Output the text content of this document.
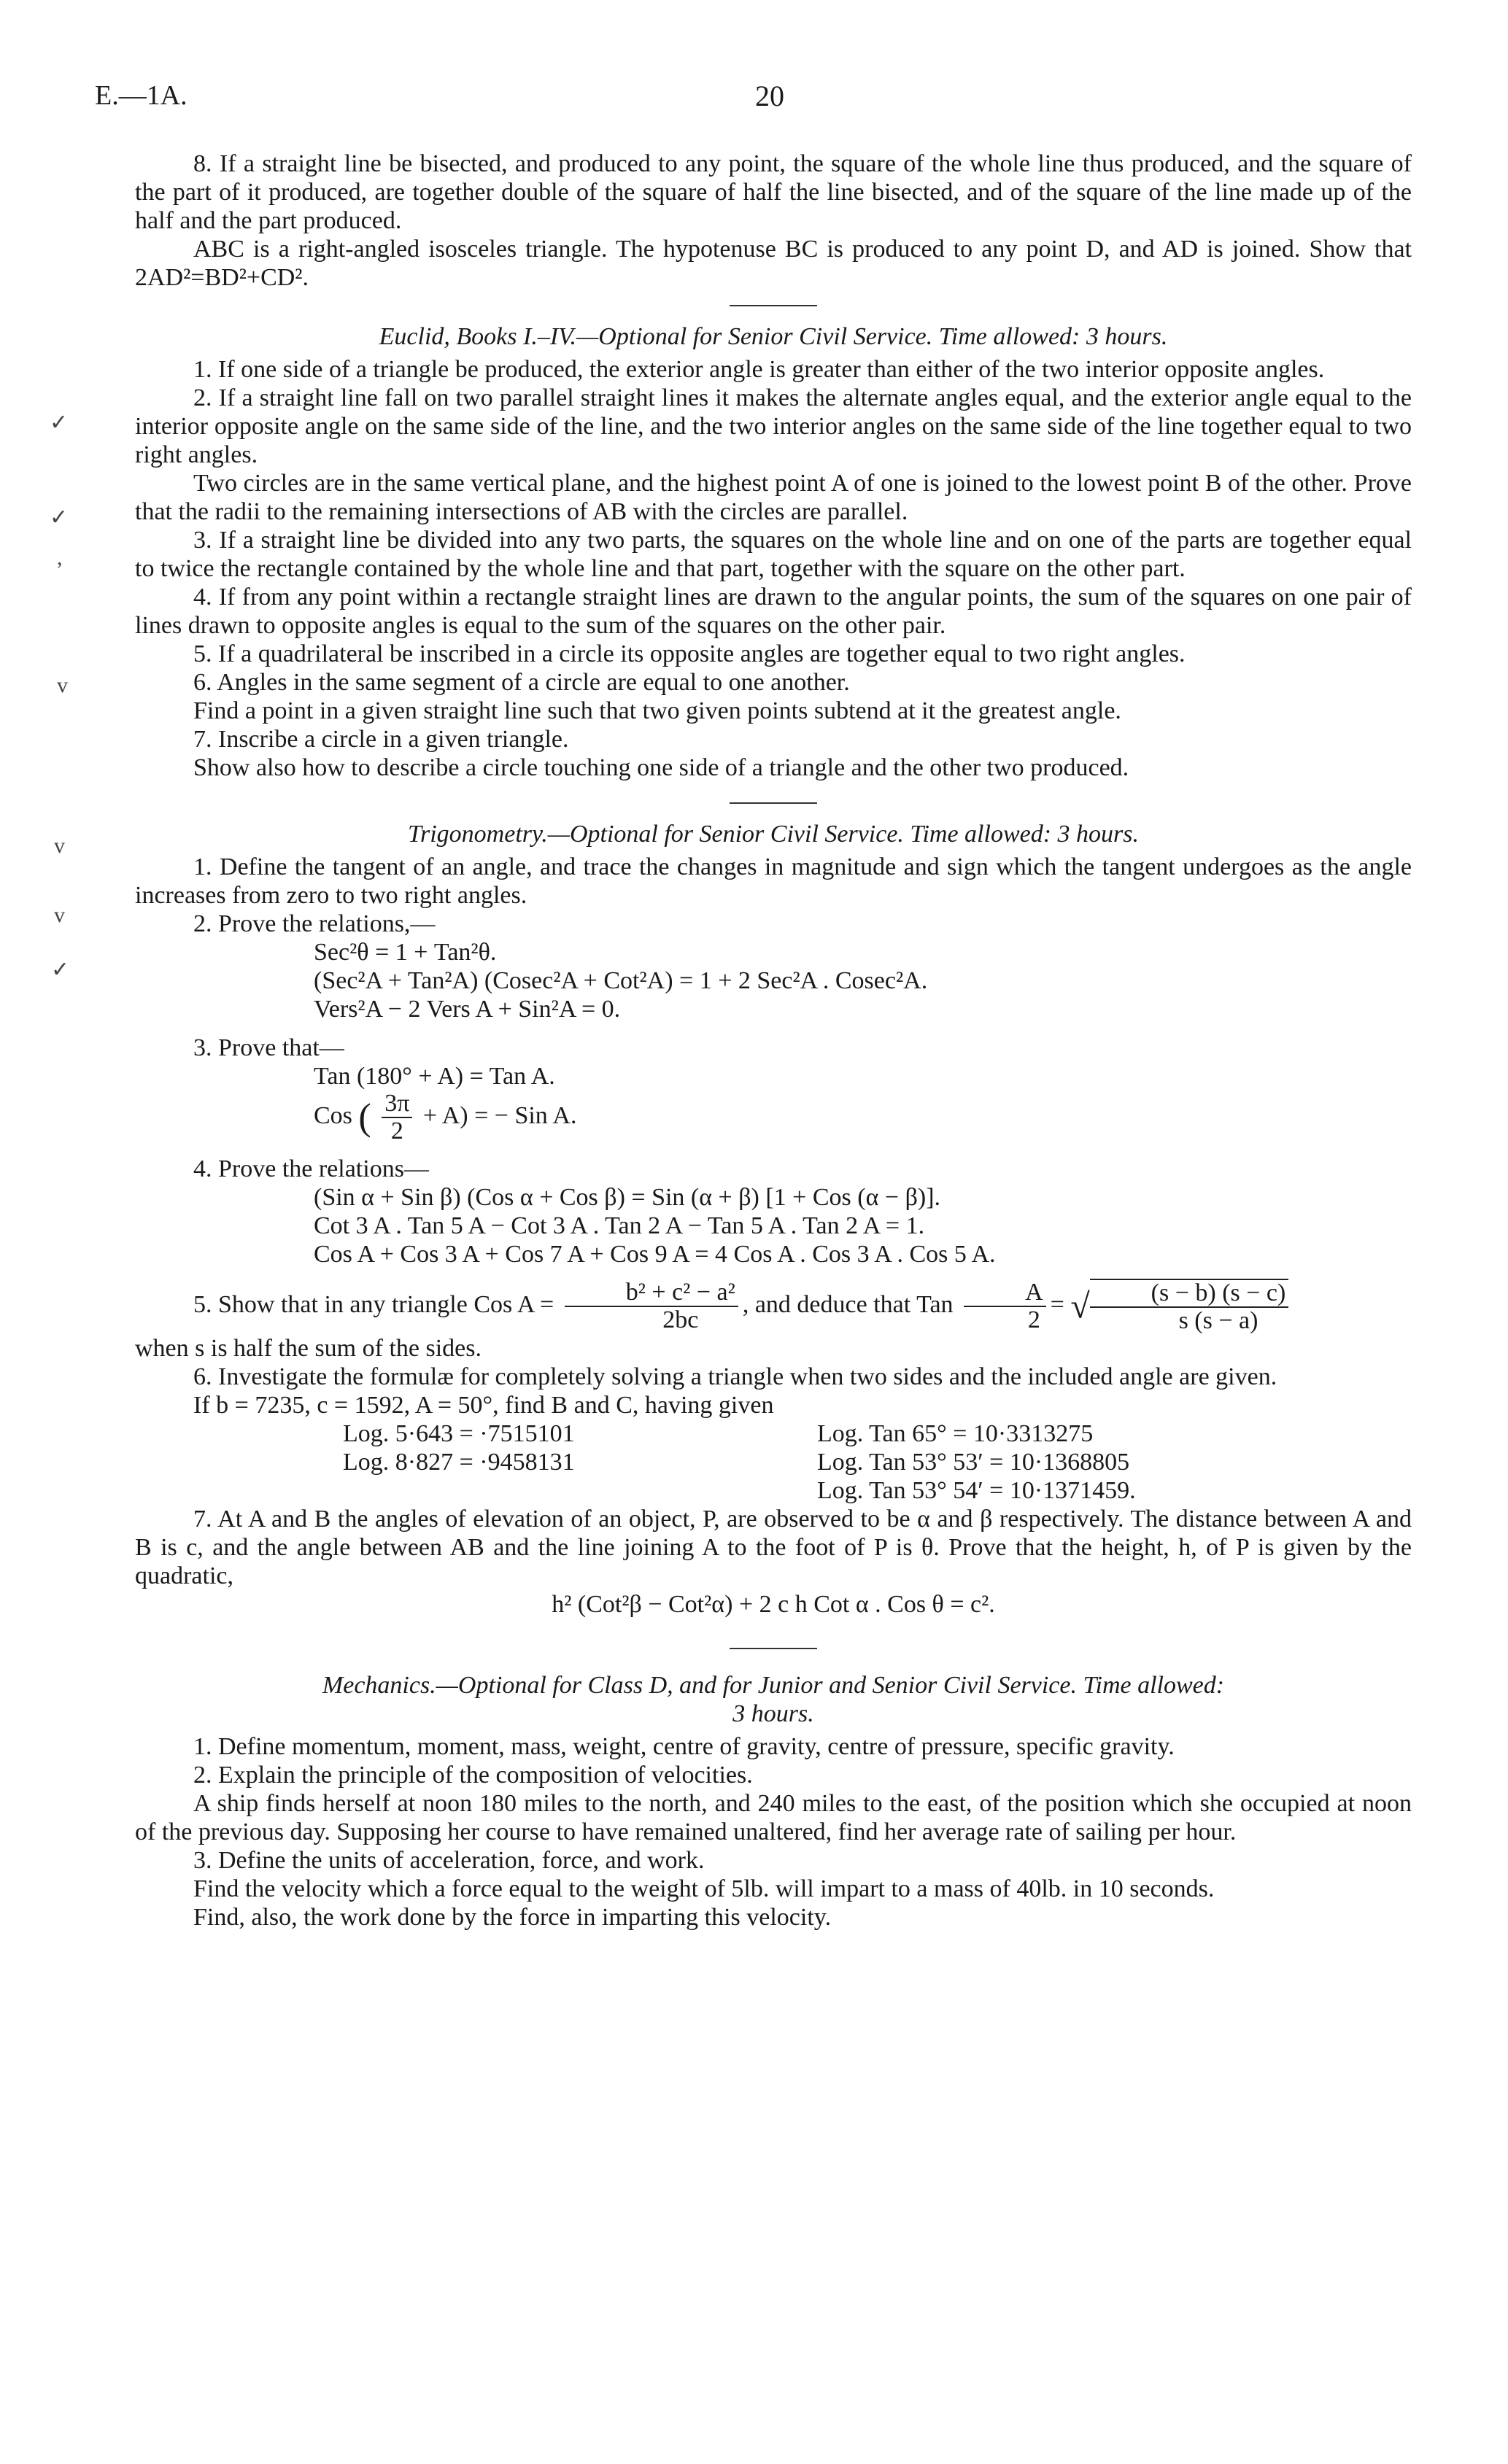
E.—1A.	20
✓
✓
,
v
v
v
✓

8. If a straight line be bisected, and produced to any point, the square of the whole line thus produced, and the square of the part of it produced, are together double of the square of half the line bisected, and of the square of the line made up of the half and the part produced.

ABC is a right-angled isosceles triangle. The hypotenuse BC is produced to any point D, and AD is joined. Show that 2AD²=BD²+CD².

Euclid, Books I.–IV.—Optional for Senior Civil Service. Time allowed: 3 hours.

1. If one side of a triangle be produced, the exterior angle is greater than either of the two interior opposite angles.

2. If a straight line fall on two parallel straight lines it makes the alternate angles equal, and the exterior angle equal to the interior opposite angle on the same side of the line, and the two interior angles on the same side of the line together equal to two right angles.

Two circles are in the same vertical plane, and the highest point A of one is joined to the lowest point B of the other. Prove that the radii to the remaining intersections of AB with the circles are parallel.

3. If a straight line be divided into any two parts, the squares on the whole line and on one of the parts are together equal to twice the rectangle contained by the whole line and that part, together with the square on the other part.

4. If from any point within a rectangle straight lines are drawn to the angular points, the sum of the squares on one pair of lines drawn to opposite angles is equal to the sum of the squares on the other pair.

5. If a quadrilateral be inscribed in a circle its opposite angles are together equal to two right angles.

6. Angles in the same segment of a circle are equal to one another.

Find a point in a given straight line such that two given points subtend at it the greatest angle.

7. Inscribe a circle in a given triangle.

Show also how to describe a circle touching one side of a triangle and the other two produced.

Trigonometry.—Optional for Senior Civil Service. Time allowed: 3 hours.

1. Define the tangent of an angle, and trace the changes in magnitude and sign which the tangent undergoes as the angle increases from zero to two right angles.

2. Prove the relations,—

Sec²θ = 1 + Tan²θ.

(Sec²A + Tan²A) (Cosec²A + Cot²A) = 1 + 2 Sec²A . Cosec²A.

Vers²A − 2 Vers A + Sin²A = 0.

3. Prove that—

Tan (180° + A) = Tan A.

Cos ( $\frac{3\pi}{2} + A$) = − Sin A.

4. Prove the relations—

(Sin α + Sin β) (Cos α + Cos β) = Sin (α + β) [1 + Cos (α − β)].

Cot 3 A . Tan 5 A − Cot 3 A . Tan 2 A − Tan 5 A . Tan 2 A = 1.

Cos A + Cos 3 A + Cos 7 A + Cos 9 A = 4 Cos A . Cos 3 A . Cos 5 A.

5. Show that in any triangle Cos $A = \frac{\text{b² + c² − a²}}{2bc}$ , and deduce that Tan $\frac{A}{2}$ = √ $\frac{(s - b) (s - c)}{s (s - a)}$

when s is half the sum of the sides.

6. Investigate the formulæ for completely solving a triangle when two sides and the included angle are given.

If b = 7235, c = 1592, A = 50°, find B and C, having given

Log. 5·643 = ·7515101	Log. Tan 65° = 10·3313275
Log. 8·827 = ·9458131	Log. Tan 53° 53′ = 10·1368805
Log. Tan 53° 54′ = 10·1371459.

7. At A and B the angles of elevation of an object, P, are observed to be α and β respectively. The distance between A and B is c, and the angle between AB and the line joining A to the foot of P is θ. Prove that the height, h, of P is given by the quadratic,

h² (Cot²β − Cot²α) + 2 c h Cot α . Cos θ = c².

Mechanics.—Optional for Class D, and for Junior and Senior Civil Service. Time allowed:

3 hours.

1. Define momentum, moment, mass, weight, centre of gravity, centre of pressure, specific gravity.

2. Explain the principle of the composition of velocities.

A ship finds herself at noon 180 miles to the north, and 240 miles to the east, of the position which she occupied at noon of the previous day. Supposing her course to have remained unaltered, find her average rate of sailing per hour.

3. Define the units of acceleration, force, and work.

Find the velocity which a force equal to the weight of 5lb. will impart to a mass of 40lb. in 10 seconds.

Find, also, the work done by the force in imparting this velocity.
